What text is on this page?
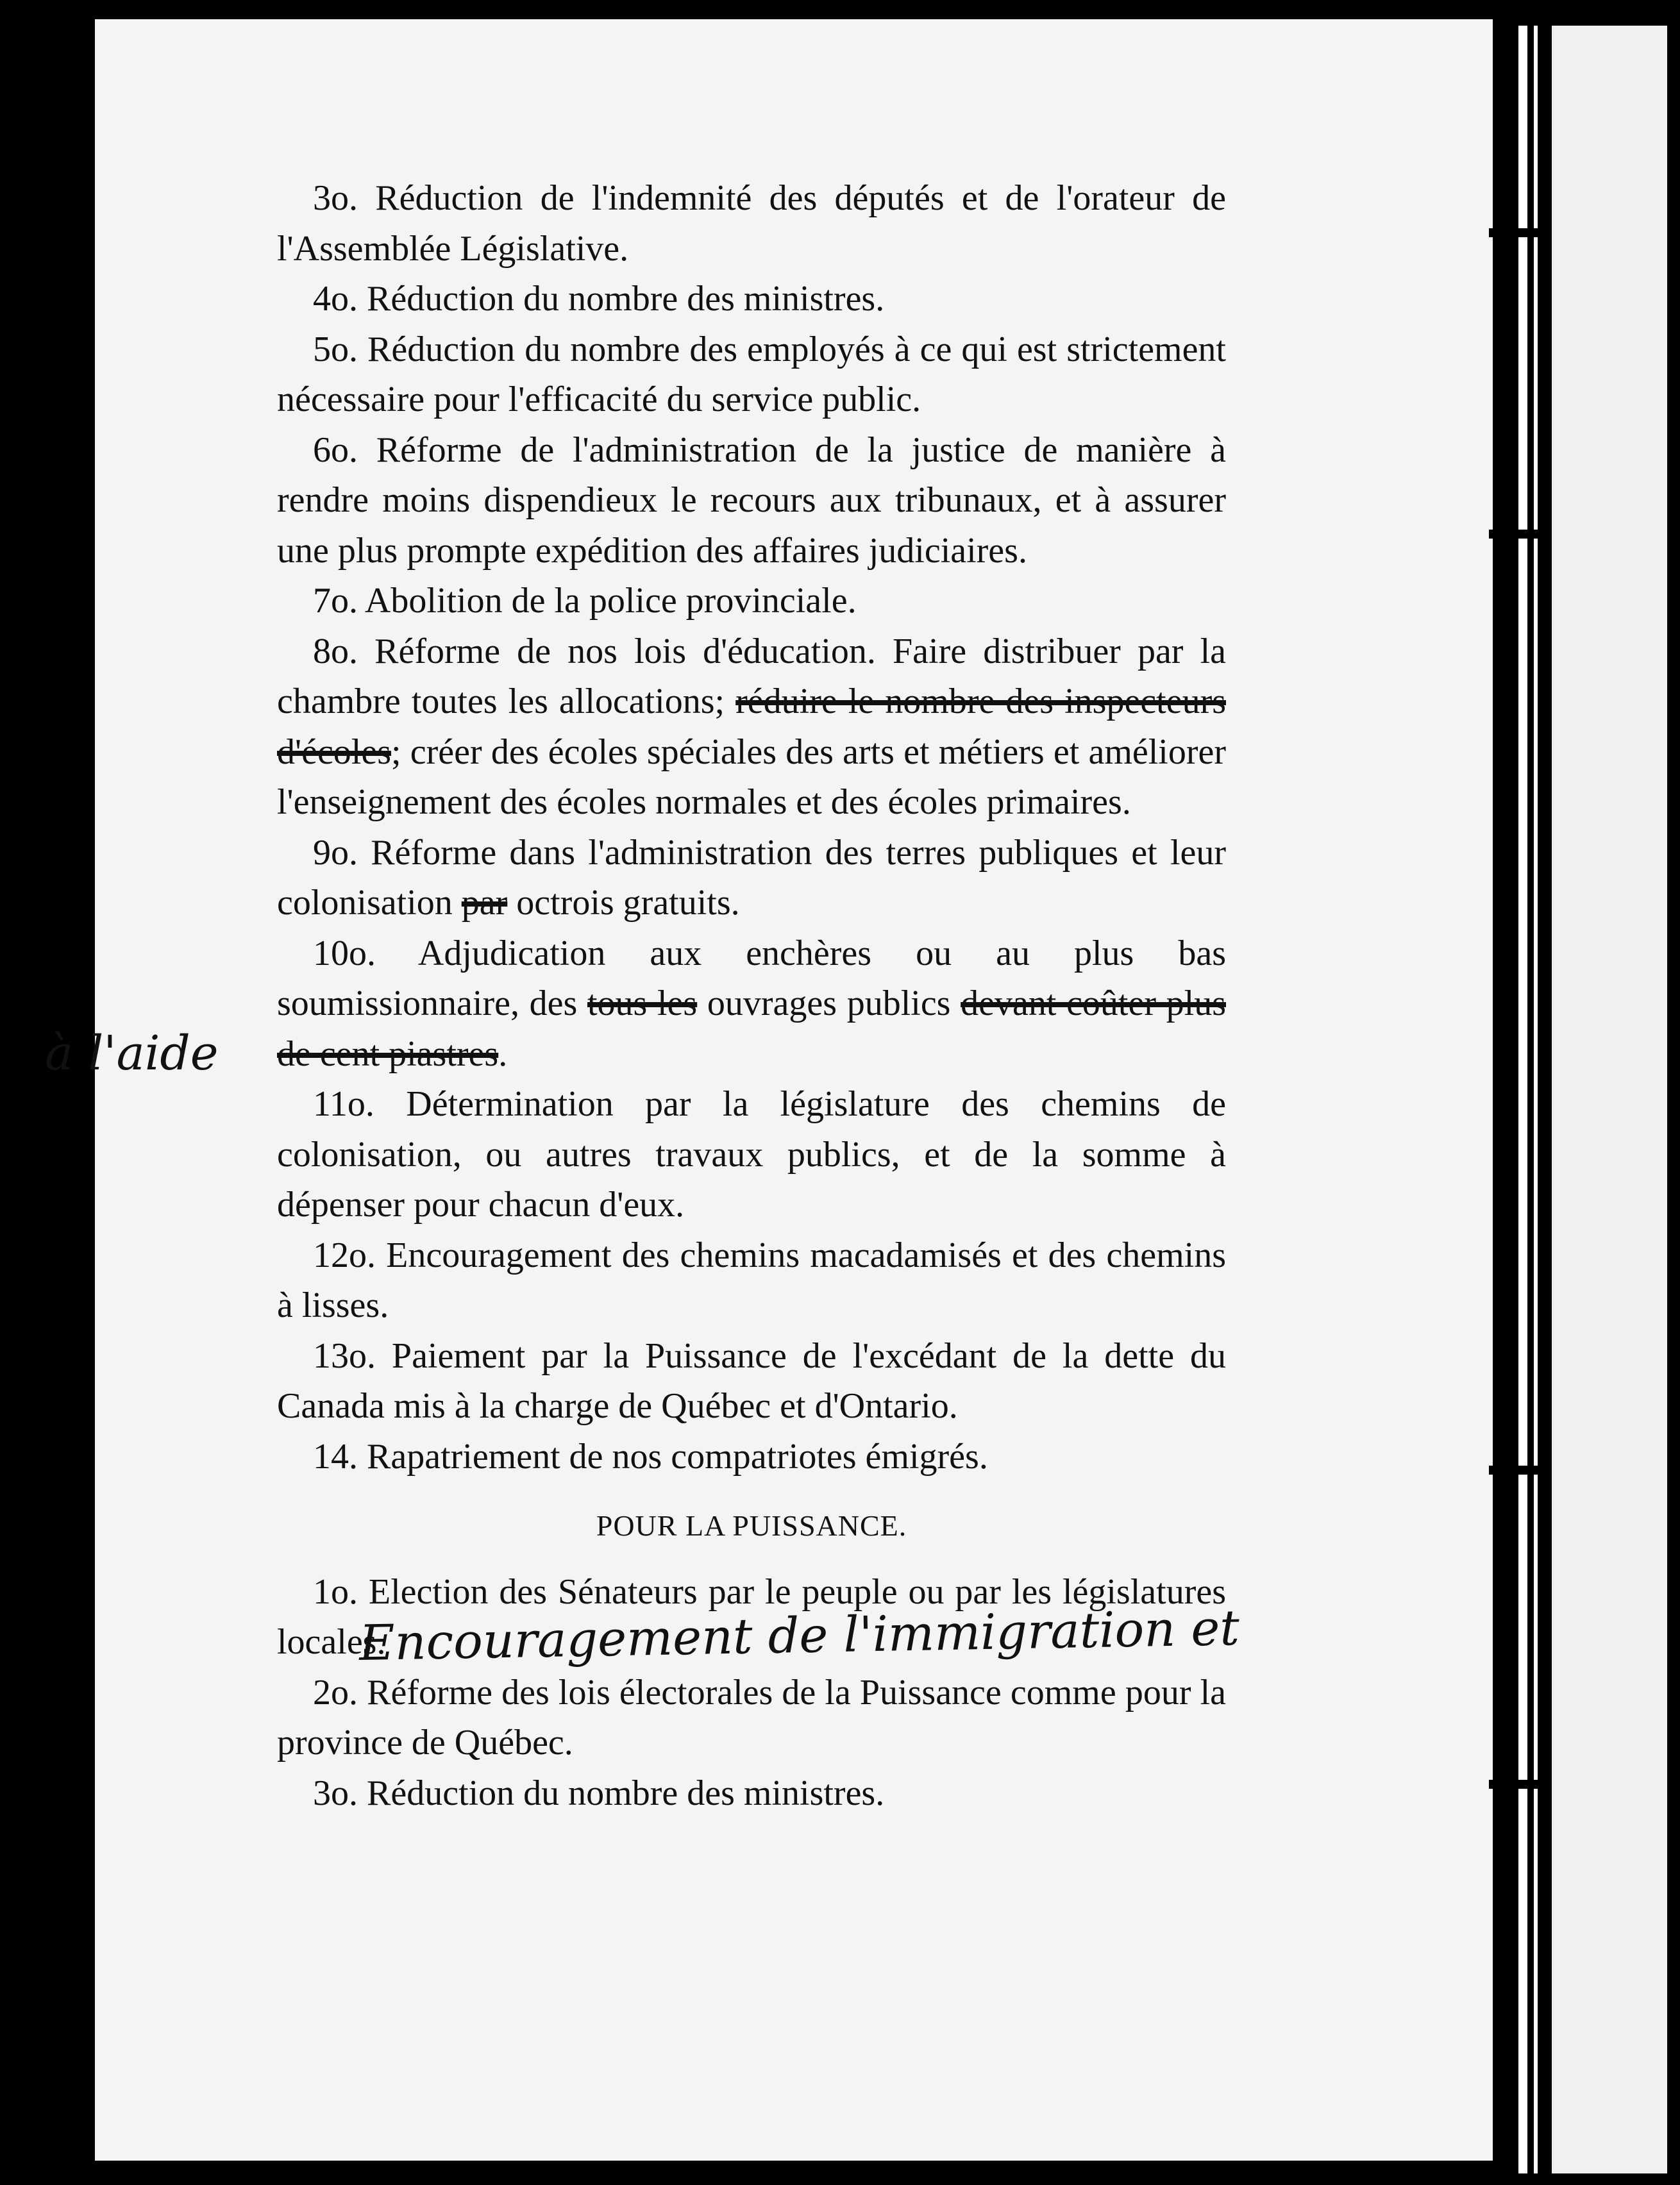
3o. Réduction de l'indemnité des députés et de l'orateur de l'Assemblée Législative.

4o. Réduction du nombre des ministres.

5o. Réduction du nombre des employés à ce qui est strictement nécessaire pour l'efficacité du service public.

6o. Réforme de l'administration de la justice de manière à rendre moins dispendieux le recours aux tribunaux, et à assurer une plus prompte expédition des affaires judiciaires.

7o. Abolition de la police provinciale.

8o. Réforme de nos lois d'éducation. Faire distribuer par la chambre toutes les allocations; réduire le nombre des inspecteurs d'écoles; créer des écoles spéciales des arts et métiers et améliorer l'enseignement des écoles normales et des écoles primaires.

9o. Réforme dans l'administration des terres publiques et leur colonisation par octrois gratuits.

10o. Adjudication aux enchères ou au plus bas soumissionnaire, des tous les ouvrages publics devant coûter plus de cent piastres.

11o. Détermination par la législature des chemins de colonisation, ou autres travaux publics, et de la somme à dépenser pour chacun d'eux.

12o. Encouragement des chemins macadamisés et des chemins à lisses.

13o. Paiement par la Puissance de l'excédant de la dette du Canada mis à la charge de Québec et d'Ontario.

14. Rapatriement de nos compatriotes émigrés.

POUR LA PUISSANCE.

1o. Election des Sénateurs par le peuple ou par les législatures locales.

2o. Réforme des lois électorales de la Puissance comme pour la province de Québec.

3o. Réduction du nombre des ministres.

à l'aide
Encouragement de l'immigration et
